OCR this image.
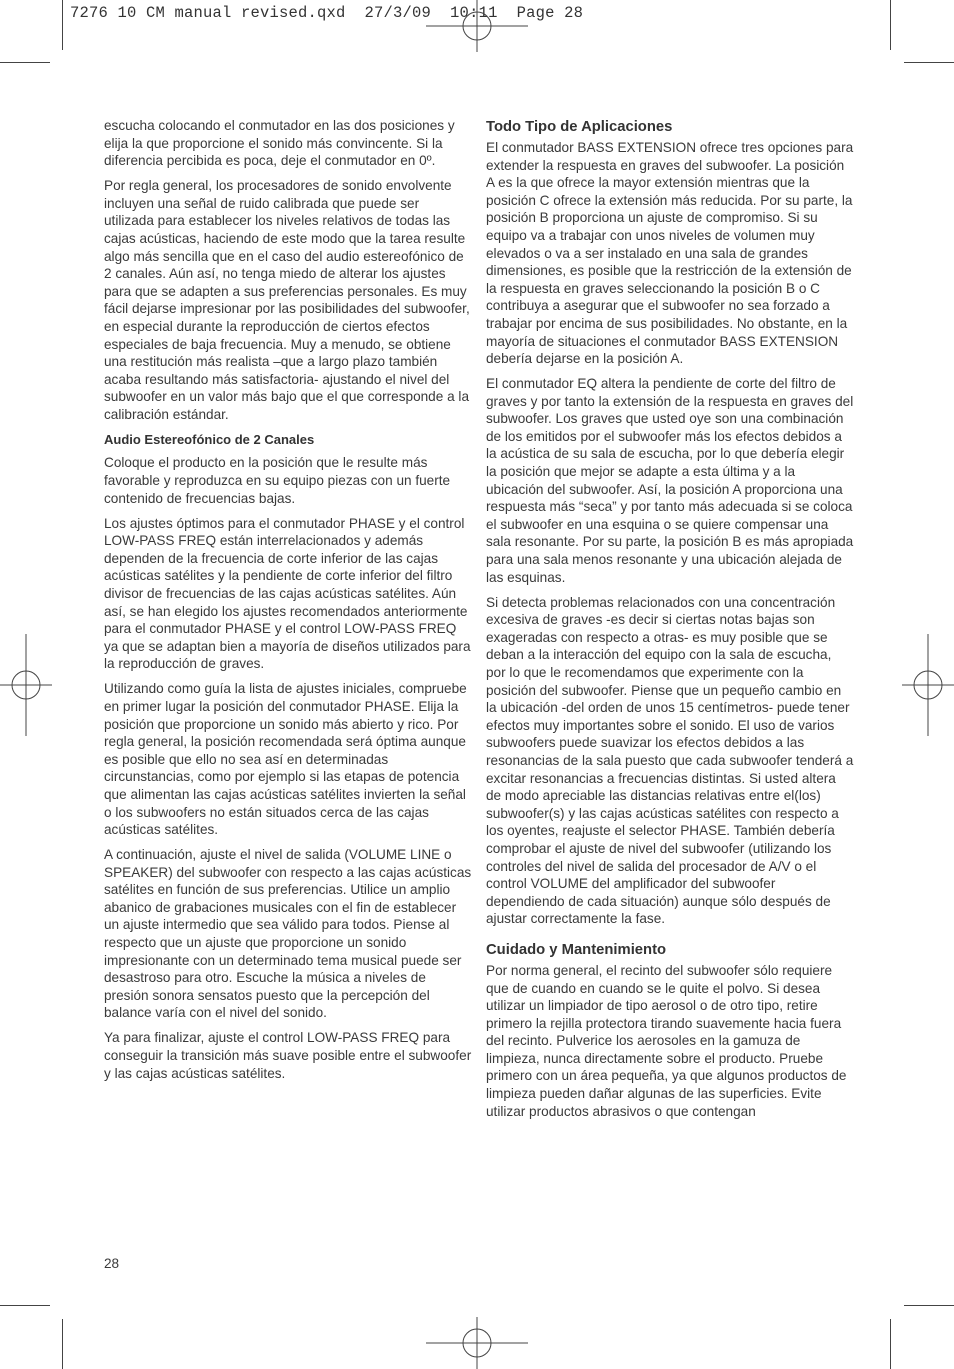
7276 10 CM manual revised.qxd  27/3/09  10:11  Page 28

escucha colocando el conmutador en las dos posiciones y elija la que proporcione el sonido más convincente. Si la diferencia percibida es poca, deje el conmutador en 0º.

Por regla general, los procesadores de sonido envolvente incluyen una señal de ruido calibrada que puede ser utilizada para establecer los niveles relativos de todas las cajas acústicas, haciendo de este modo que la tarea resulte algo más sencilla que en el caso del audio estereofónico de 2 canales. Aún así, no tenga miedo de alterar los ajustes para que se adapten a sus preferencias personales. Es muy fácil dejarse impresionar por las posibilidades del subwoofer, en especial durante la reproducción de ciertos efectos especiales de baja frecuencia. Muy a menudo, se obtiene una restitución más realista –que a largo plazo también acaba resultando más satisfactoria- ajustando el nivel del subwoofer en un valor más bajo que el que corresponde a la calibración estándar.

Audio Estereofónico de 2 Canales

Coloque el producto en la posición que le resulte más favorable y reproduzca en su equipo piezas con un fuerte contenido de frecuencias bajas.

Los ajustes óptimos para el conmutador PHASE y el control LOW-PASS FREQ están interrelacionados y además dependen de la frecuencia de corte inferior de las cajas acústicas satélites y la pendiente de corte inferior del filtro divisor de frecuencias de las cajas acústicas satélites. Aún así, se han elegido los ajustes recomendados anteriormente para el conmutador PHASE y el control LOW-PASS FREQ ya que se adaptan bien a mayoría de diseños utilizados para la reproducción de graves.

Utilizando como guía la lista de ajustes iniciales, compruebe en primer lugar la posición del conmutador PHASE. Elija la posición que proporcione un sonido más abierto y rico. Por regla general, la posición recomendada será óptima aunque es posible que ello no sea así en determinadas circunstancias, como por ejemplo si las etapas de potencia que alimentan las cajas acústicas satélites invierten la señal o los subwoofers no están situados cerca de las cajas acústicas satélites.

A continuación, ajuste el nivel de salida (VOLUME LINE o SPEAKER) del subwoofer con respecto a las cajas acústicas satélites en función de sus preferencias. Utilice un amplio abanico de grabaciones musicales con el fin de establecer un ajuste intermedio que sea válido para todos. Piense al respecto que un ajuste que proporcione un sonido impresionante con un determinado tema musical puede ser desastroso para otro. Escuche la música a niveles de presión sonora sensatos puesto que la percepción del balance varía con el nivel del sonido.

Ya para finalizar, ajuste el control LOW-PASS FREQ para conseguir la transición más suave posible entre el subwoofer y las cajas acústicas satélites.

Todo Tipo de Aplicaciones

El conmutador BASS EXTENSION ofrece tres opciones para extender la respuesta en graves del subwoofer. La posición A es la que ofrece la mayor extensión mientras que la posición C ofrece la extensión más reducida. Por su parte, la posición B proporciona un ajuste de compromiso. Si su equipo va a trabajar con unos niveles de volumen muy elevados o va a ser instalado en una sala de grandes dimensiones, es posible que la restricción de la extensión de la respuesta en graves seleccionando la posición B o C contribuya a asegurar que el subwoofer no sea forzado a trabajar por encima de sus posibilidades. No obstante, en la mayoría de situaciones el conmutador BASS EXTENSION debería dejarse en la posición A.

El conmutador EQ altera la pendiente de corte del filtro de graves y por tanto la extensión de la respuesta en graves del subwoofer. Los graves que usted oye son una combinación de los emitidos por el subwoofer más los efectos debidos a la acústica de su sala de escucha, por lo que debería elegir la posición que mejor se adapte a esta última y a la ubicación del subwoofer. Así, la posición A proporciona una respuesta más “seca” y por tanto más adecuada si se coloca el subwoofer en una esquina o se quiere compensar una sala resonante. Por su parte, la posición B es más apropiada para una sala menos resonante y una ubicación alejada de las esquinas.

Si detecta problemas relacionados con una concentración excesiva de graves -es decir si ciertas notas bajas son exageradas con respecto a otras- es muy posible que se deban a la interacción del equipo con la sala de escucha, por lo que le recomendamos que experimente con la posición del subwoofer. Piense que un pequeño cambio en la ubicación -del orden de unos 15 centímetros- puede tener efectos muy importantes sobre el sonido. El uso de varios subwoofers puede suavizar los efectos debidos a las resonancias de la sala puesto que cada subwoofer tenderá a excitar resonancias a frecuencias distintas. Si usted altera de modo apreciable las distancias relativas entre el(los) subwoofer(s) y las cajas acústicas satélites con respecto a los oyentes, reajuste el selector PHASE. También debería comprobar el ajuste de nivel del subwoofer (utilizando los controles del nivel de salida del procesador de A/V o el control VOLUME del amplificador del subwoofer dependiendo de cada situación) aunque sólo después de ajustar correctamente la fase.

Cuidado y Mantenimiento

Por norma general, el recinto del subwoofer sólo requiere que de cuando en cuando se le quite el polvo. Si desea utilizar un limpiador de tipo aerosol o de otro tipo, retire primero la rejilla protectora tirando suavemente hacia fuera del recinto. Pulverice los aerosoles en la gamuza de limpieza, nunca directamente sobre el producto. Pruebe primero con un área pequeña, ya que algunos productos de limpieza pueden dañar algunas de las superficies. Evite utilizar productos abrasivos o que contengan

28
